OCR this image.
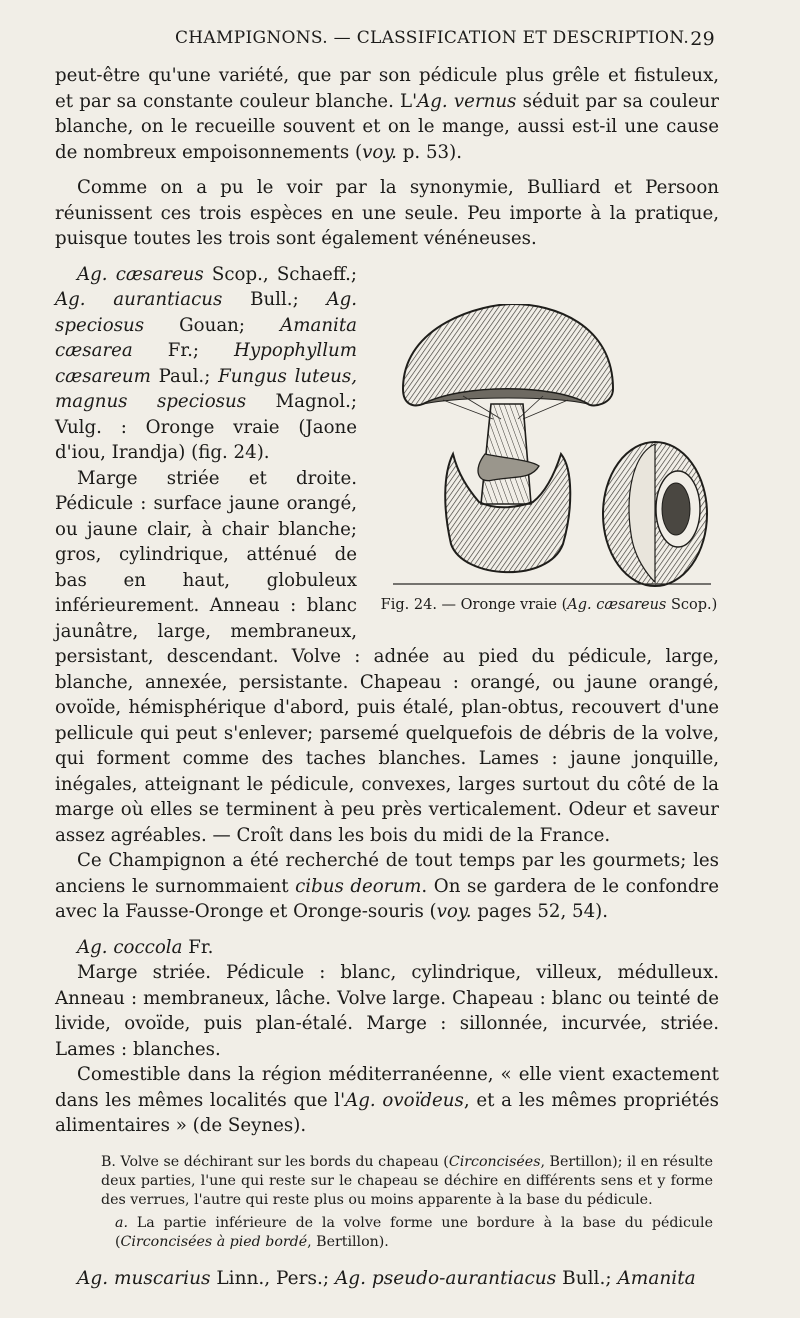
CHAMPIGNONS. — CLASSIFICATION ET DESCRIPTION. 29

peut-être qu'une variété, que par son pédicule plus grêle et fistuleux, et par sa constante couleur blanche. L'Ag. vernus séduit par sa couleur blanche, on le recueille souvent et on le mange, aussi est-il une cause de nombreux empoisonnements (voy. p. 53).

Comme on a pu le voir par la synonymie, Bulliard et Persoon réunissent ces trois espèces en une seule. Peu importe à la pratique, puisque toutes les trois sont également vénéneuses.

Fig. 24. — Oronge vraie (Ag. cæsareus Scop.)

Ag. cæsareus Scop., Schaeff.; Ag. aurantiacus Bull.; Ag. speciosus Gouan; Amanita cæsarea Fr.; Hypophyllum cæsareum Paul.; Fungus luteus, magnus speciosus Magnol.; Vulg. : Oronge vraie (Jaone d'iou, Irandja) (fig. 24).

Marge striée et droite. Pédicule : surface jaune orangé, ou jaune clair, à chair blanche; gros, cylindrique, atténué de bas en haut, globuleux inférieurement. Anneau : blanc jaunâtre, large, membraneux, persistant, descendant. Volve : adnée au pied du pédicule, large, blanche, annexée, persistante. Chapeau : orangé, ou jaune orangé, ovoïde, hémisphérique d'abord, puis étalé, plan-obtus, recouvert d'une pellicule qui peut s'enlever; parsemé quelquefois de débris de la volve, qui forment comme des taches blanches. Lames : jaune jonquille, inégales, atteignant le pédicule, convexes, larges surtout du côté de la marge où elles se terminent à peu près verticalement. Odeur et saveur assez agréables. — Croît dans les bois du midi de la France.

Ce Champignon a été recherché de tout temps par les gourmets; les anciens le surnommaient cibus deorum. On se gardera de le confondre avec la Fausse-Oronge et Oronge-souris (voy. pages 52, 54).

Ag. coccola Fr.

Marge striée. Pédicule : blanc, cylindrique, villeux, médulleux. Anneau : membraneux, lâche. Volve large. Chapeau : blanc ou teinté de livide, ovoïde, puis plan-étalé. Marge : sillonnée, incurvée, striée. Lames : blanches.

Comestible dans la région méditerranéenne, « elle vient exactement dans les mêmes localités que l'Ag. ovoïdeus, et a les mêmes propriétés alimentaires » (de Seynes).

B. Volve se déchirant sur les bords du chapeau (Circoncisées, Bertillon); il en résulte deux parties, l'une qui reste sur le chapeau se déchire en différents sens et y forme des verrues, l'autre qui reste plus ou moins apparente à la base du pédicule.

a. La partie inférieure de la volve forme une bordure à la base du pédicule (Circoncisées à pied bordé, Bertillon).

Ag. muscarius Linn., Pers.; Ag. pseudo-aurantiacus Bull.; Amanita
